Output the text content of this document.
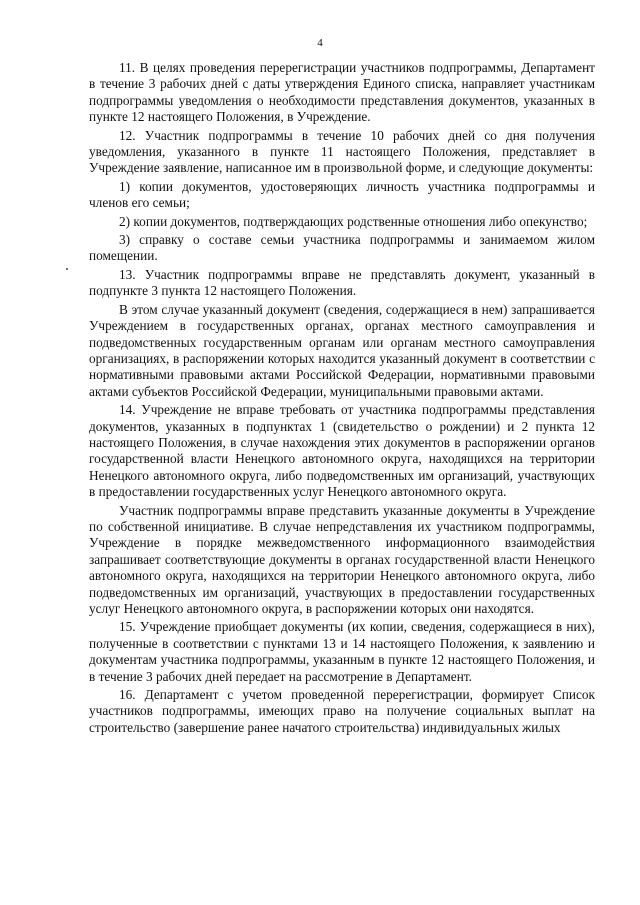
4

11. В целях проведения перерегистрации участников подпрограммы, Департамент в течение 3 рабочих дней с даты утверждения Единого списка, направляет участникам подпрограммы уведомления о необходимости представления документов, указанных в пункте 12 настоящего Положения, в Учреждение.

12. Участник подпрограммы в течение 10 рабочих дней со дня получения уведомления, указанного в пункте 11 настоящего Положения, представляет в Учреждение заявление, написанное им в произвольной форме, и следующие документы:

1) копии документов, удостоверяющих личность участника подпрограммы и членов его семьи;

2) копии документов, подтверждающих родственные отношения либо опекунство;

3) справку о составе семьи участника подпрограммы и занимаемом жилом помещении.

13. Участник подпрограммы вправе не представлять документ, указанный в подпункте 3 пункта 12 настоящего Положения.

В этом случае указанный документ (сведения, содержащиеся в нем) запрашивается Учреждением в государственных органах, органах местного самоуправления и подведомственных государственным органам или органам местного самоуправления организациях, в распоряжении которых находится указанный документ в соответствии с нормативными правовыми актами Российской Федерации, нормативными правовыми актами субъектов Российской Федерации, муниципальными правовыми актами.

14. Учреждение не вправе требовать от участника подпрограммы представления документов, указанных в подпунктах 1 (свидетельство о рождении) и 2 пункта 12 настоящего Положения, в случае нахождения этих документов в распоряжении органов государственной власти Ненецкого автономного округа, находящихся на территории Ненецкого автономного округа, либо подведомственных им организаций, участвующих в предоставлении государственных услуг Ненецкого автономного округа.

Участник подпрограммы вправе представить указанные документы в Учреждение по собственной инициативе. В случае непредставления их участником подпрограммы, Учреждение в порядке межведомственного информационного взаимодействия запрашивает соответствующие документы в органах государственной власти Ненецкого автономного округа, находящихся на территории Ненецкого автономного округа, либо подведомственных им организаций, участвующих в предоставлении государственных услуг Ненецкого автономного округа, в распоряжении которых они находятся.

15. Учреждение приобщает документы (их копии, сведения, содержащиеся в них), полученные в соответствии с пунктами 13 и 14 настоящего Положения, к заявлению и документам участника подпрограммы, указанным в пункте 12 настоящего Положения, и в течение 3 рабочих дней передает на рассмотрение в Департамент.

16. Департамент с учетом проведенной перерегистрации, формирует Список участников подпрограммы, имеющих право на получение социальных выплат на строительство (завершение ранее начатого строительства) индивидуальных жилых
